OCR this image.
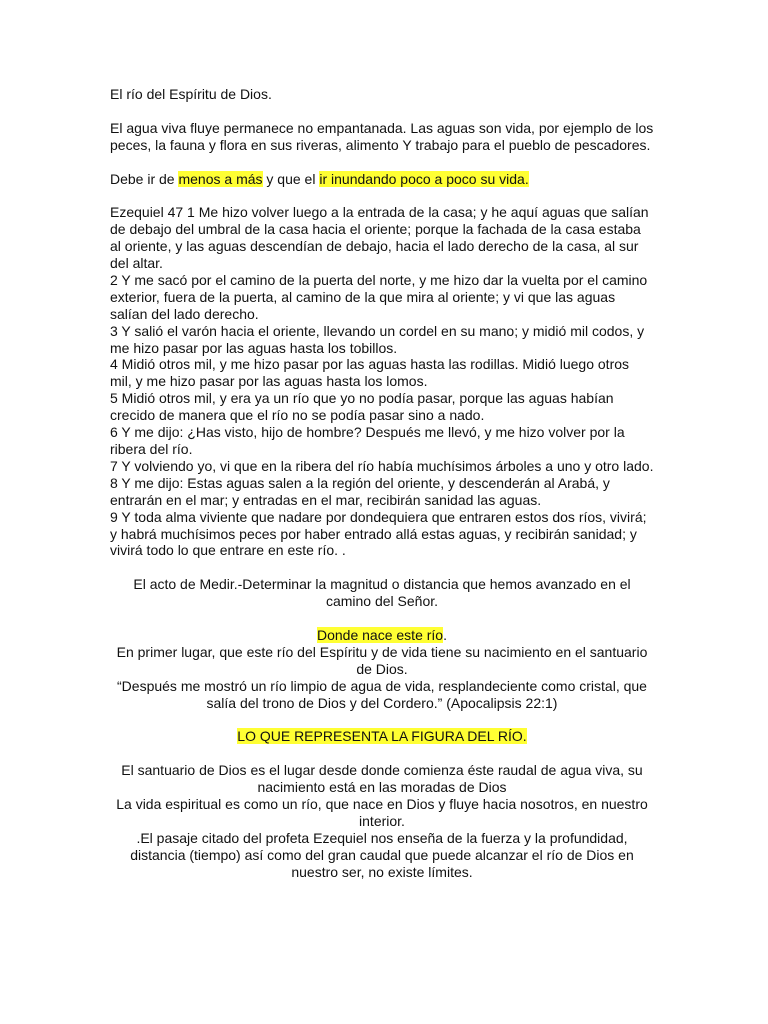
El río del Espíritu de Dios.

El agua viva fluye permanece no empantanada. Las aguas son vida, por ejemplo de los peces, la fauna y flora en sus riveras, alimento Y trabajo para el pueblo de pescadores.

Debe ir de menos a más y que el ir inundando poco a poco su vida.

Ezequiel 47 1 Me hizo volver luego a la entrada de la casa; y he aquí aguas que salían de debajo del umbral de la casa hacia el oriente; porque la fachada de la casa estaba al oriente, y las aguas descendían de debajo, hacia el lado derecho de la casa, al sur del altar.
2 Y me sacó por el camino de la puerta del norte, y me hizo dar la vuelta por el camino exterior, fuera de la puerta, al camino de la que mira al oriente; y vi que las aguas salían del lado derecho.
3 Y salió el varón hacia el oriente, llevando un cordel en su mano; y midió mil codos, y me hizo pasar por las aguas hasta los tobillos.
4 Midió otros mil, y me hizo pasar por las aguas hasta las rodillas. Midió luego otros mil, y me hizo pasar por las aguas hasta los lomos.
5 Midió otros mil, y era ya un río que yo no podía pasar, porque las aguas habían crecido de manera que el río no se podía pasar sino a nado.
6 Y me dijo: ¿Has visto, hijo de hombre? Después me llevó, y me hizo volver por la ribera del río.
7 Y volviendo yo, vi que en la ribera del río había muchísimos árboles a uno y otro lado.
8 Y me dijo: Estas aguas salen a la región del oriente, y descenderán al Arabá, y entrarán en el mar; y entradas en el mar, recibirán sanidad las aguas.
9 Y toda alma viviente que nadare por dondequiera que entraren estos dos ríos, vivirá; y habrá muchísimos peces por haber entrado allá estas aguas, y recibirán sanidad; y vivirá todo lo que entrare en este río. .

El acto de Medir.-Determinar la magnitud o distancia que hemos avanzado en el camino del Señor.

Donde nace este río.
En primer lugar, que este río del Espíritu y de vida tiene su nacimiento en el santuario de Dios.
“Después me mostró un río limpio de agua de vida, resplandeciente como cristal, que salía del trono de Dios y del Cordero.” (Apocalipsis 22:1)

LO QUE REPRESENTA LA FIGURA DEL RÍO.

El santuario de Dios es el lugar desde donde comienza éste raudal de agua viva, su nacimiento está en las moradas de Dios
La vida espiritual es como un río, que nace en Dios y fluye hacia nosotros, en nuestro interior.
.El pasaje citado del profeta Ezequiel nos enseña de la fuerza y la profundidad, distancia (tiempo) así como del gran caudal que puede alcanzar el río de Dios en nuestro ser, no existe límites.
